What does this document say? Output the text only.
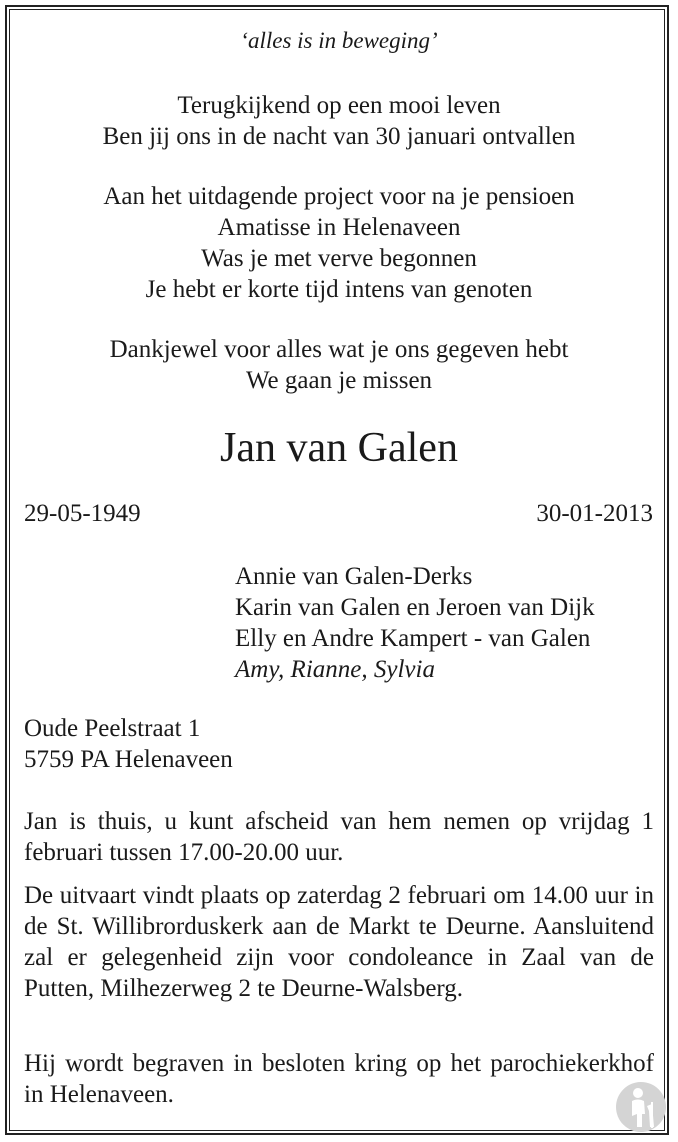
‘alles is in beweging’
Terugkijkend op een mooi leven
Ben jij ons in de nacht van 30 januari ontvallen
Aan het uitdagende project voor na je pensioen
Amatisse in Helenaveen
Was je met verve begonnen
Je hebt er korte tijd intens van genoten
Dankjewel voor alles wat je ons gegeven hebt
We gaan je missen
Jan van Galen
29-05-1949	30-01-2013
Annie van Galen-Derks
Karin van Galen en Jeroen van Dijk
Elly en Andre Kampert - van Galen
Amy, Rianne, Sylvia
Oude Peelstraat 1
5759 PA Helenaveen
Jan is thuis, u kunt afscheid van hem nemen op vrijdag 1 februari tussen 17.00-20.00 uur.
De uitvaart vindt plaats op zaterdag 2 februari om 14.00 uur in de St. Willibrorduskerk aan de Markt te Deurne. Aansluitend zal er gelegenheid zijn voor condoleance in Zaal van de Putten, Milhezerweg 2 te Deurne-Walsberg.
Hij wordt begraven in besloten kring op het parochiekerkhof in Helenaveen.
